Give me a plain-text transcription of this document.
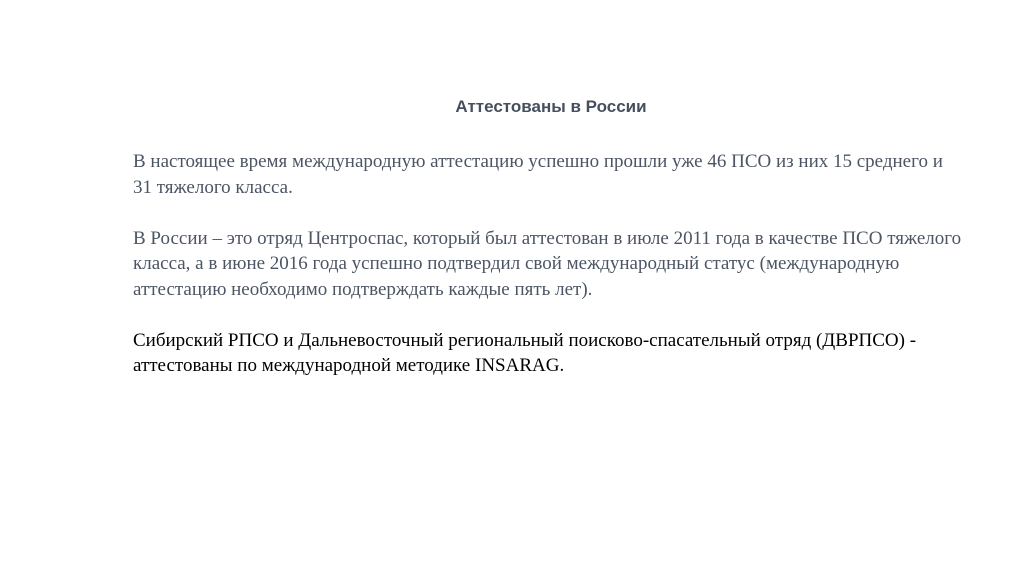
Аттестованы в России

В настоящее время международную аттестацию успешно прошли уже 46 ПСО из них 15 среднего и 31 тяжелого класса.

В России – это отряд Центроспас, который был аттестован в июле 2011 года в качестве ПСО тяжелого класса, а в июне 2016 года успешно подтвердил свой международный статус (международную аттестацию необходимо подтверждать каждые пять лет).

Сибирский РПСО и Дальневосточный региональный поисково-спасательный отряд (ДВРПСО) - аттестованы по международной методике INSARAG.
